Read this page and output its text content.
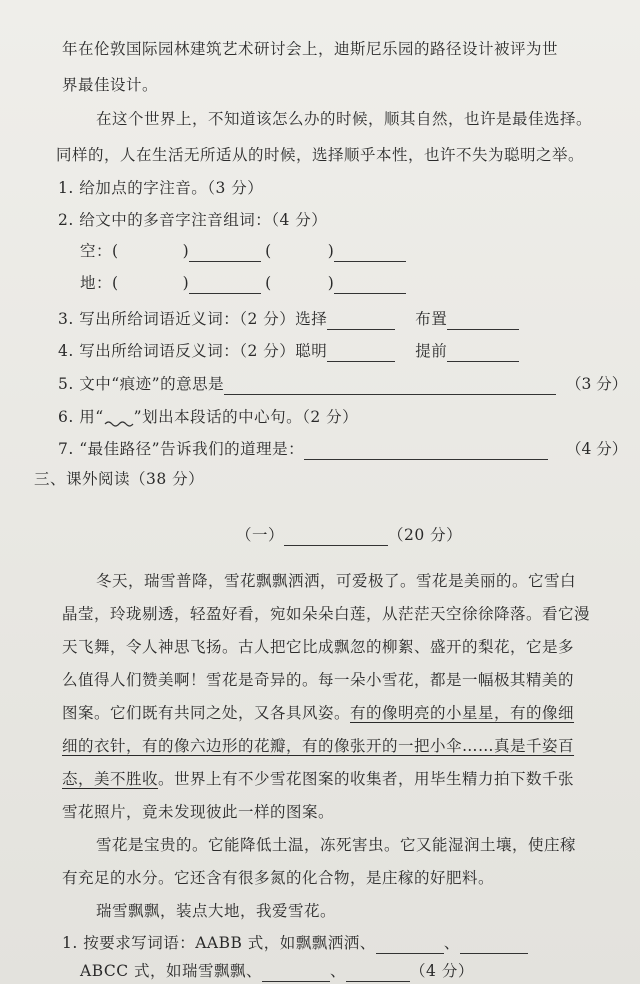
年在伦敦国际园林建筑艺术研讨会上，迪斯尼乐园的路径设计被评为世
界最佳设计。
在这个世界上，不知道该怎么办的时候，顺其自然，也许是最佳选择。
同样的，人在生活无所适从的时候，选择顺乎本性，也许不失为聪明之举。
1. 给加点的字注音。（3 分）
2. 给文中的多音字注音组词：（4 分）
空：(	)	(	)
地：(	)	(	)
3. 写出所给词语近义词：（2 分）选择	布置
4. 写出所给词语反义词：（2 分）聪明	提前
5. 文中“痕迹”的意思是	（3 分）
6. 用“ ”划出本段话的中心句。（2 分）
7. “最佳路径”告诉我们的道理是：	（4 分）
三、课外阅读（38 分）
（一）	（20 分）
冬天，瑞雪普降，雪花飘飘洒洒，可爱极了。雪花是美丽的。它雪白
晶莹，玲珑剔透，轻盈好看，宛如朵朵白莲，从茫茫天空徐徐降落。看它漫
天飞舞，令人神思飞扬。古人把它比成飘忽的柳絮、盛开的梨花，它是多
么值得人们赞美啊！雪花是奇异的。每一朵小雪花，都是一幅极其精美的
图案。它们既有共同之处，又各具风姿。有的像明亮的小星星，有的像细
细的衣针，有的像六边形的花瓣，有的像张开的一把小伞……真是千姿百
态，美不胜收。世界上有不少雪花图案的收集者，用毕生精力拍下数千张
雪花照片，竟未发现彼此一样的图案。
雪花是宝贵的。它能降低土温，冻死害虫。它又能湿润土壤，使庄稼
有充足的水分。它还含有很多氮的化合物，是庄稼的好肥料。
瑞雪飘飘，装点大地，我爱雪花。
1. 按要求写词语：AABB 式，如飘飘洒洒、	、
ABCC 式，如瑞雪飘飘、	、	（4 分）
